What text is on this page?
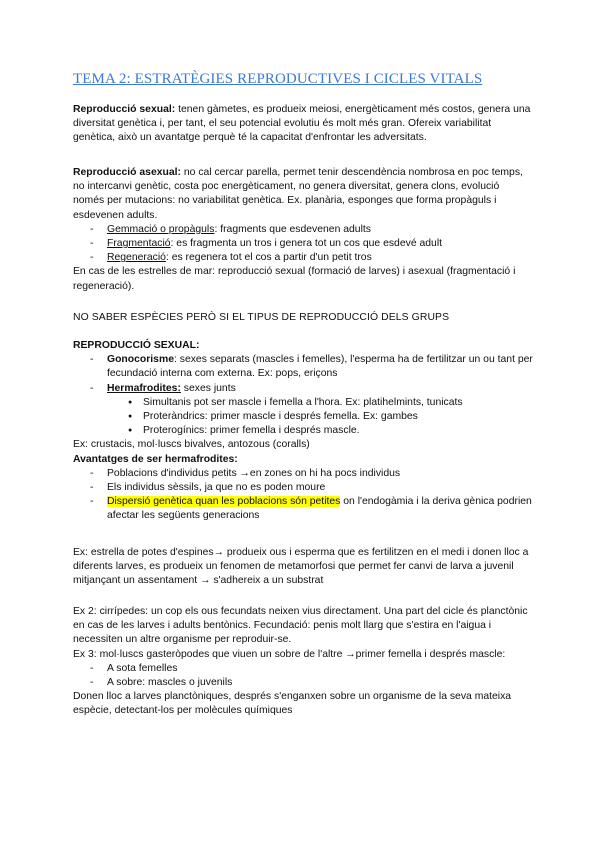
TEMA 2: ESTRATÈGIES REPRODUCTIVES I CICLES VITALS

Reproducció sexual: tenen gàmetes, es produeix meiosi, energèticament més costos, genera una diversitat genètica i, per tant, el seu potencial evolutiu és molt més gran. Ofereix variabilitat genètica, això un avantatge perquè té la capacitat d'enfrontar les adversitats.

Reproducció asexual: no cal cercar parella, permet tenir descendència nombrosa en poc temps, no intercanvi genètic, costa poc energèticament, no genera diversitat, genera clons, evolució només per mutacions: no variabilitat genètica. Ex. planària, esponges que forma propàguls i esdevenen adults.

- Gemmació o propàguls: fragments que esdevenen adults
- Fragmentació: es fragmenta un tros i genera tot un cos que esdevé adult
- Regeneració: es regenera tot el cos a partir d'un petit tros

En cas de les estrelles de mar: reproducció sexual (formació de larves) i asexual (fragmentació i regeneració).

NO SABER ESPÈCIES PERÒ SI EL TIPUS DE REPRODUCCIÓ DELS GRUPS

REPRODUCCIÓ SEXUAL:

- Gonocorisme: sexes separats (mascles i femelles), l'esperma ha de fertilitzar un ou tant per fecundació interna com externa. Ex: pops, eriçons
- Hermafrodites: sexes junts
● Simultanis pot ser mascle i femella a l'hora. Ex: platihelmints, tunicats
● Proteràndrics: primer mascle i després femella. Ex: gambes
● Proterogínics: primer femella i després mascle.

Ex: crustacis, mol·luscs bivalves, antozous (coralls)

Avantatges de ser hermafrodites:

- Poblacions d'individus petits →en zones on hi ha pocs individus
- Els individus sèssils, ja que no es poden moure
- Dispersió genètica quan les poblacions són petites on l'endogàmia i la deriva gènica podrien afectar les següents generacions
Ex: estrella de potes d'espines→ produeix ous i esperma que es fertilitzen en el medi i donen lloc a diferents larves, es produeix un fenomen de metamorfosi que permet fer canvi de larva a juvenil mitjançant un assentament → s'adhereix a un substrat

Ex 2: cirrípedes: un cop els ous fecundats neixen vius directament. Una part del cicle és planctònic en cas de les larves i adults bentònics. Fecundació: penis molt llarg que s'estira en l'aigua i necessiten un altre organisme per reproduir-se.

Ex 3: mol·luscs gasteròpodes que viuen un sobre de l'altre →primer femella i després mascle:

- A sota femelles
- A sobre: mascles o juvenils

Donen lloc a larves planctòniques, després s'enganxen sobre un organisme de la seva mateixa espècie, detectant-los per molècules químiques
